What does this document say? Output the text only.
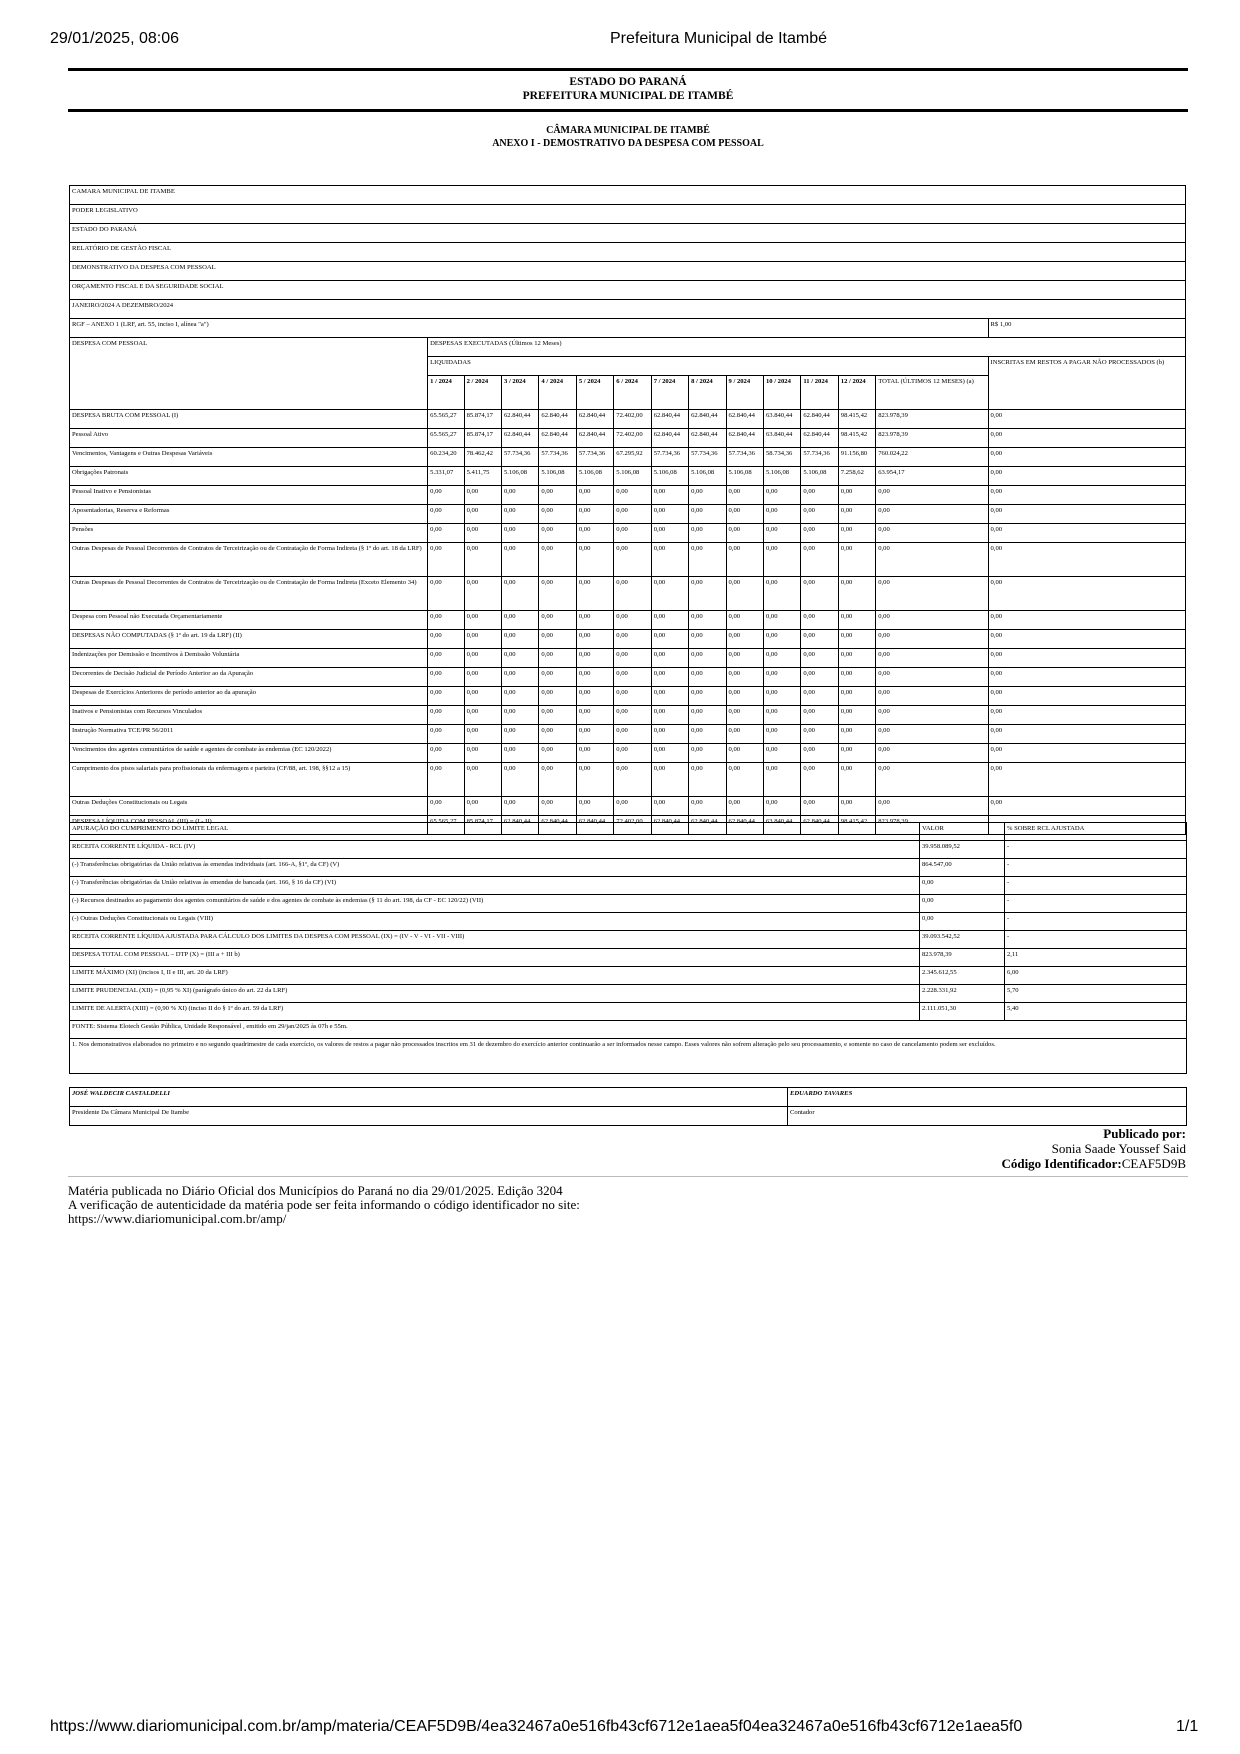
29/01/2025, 08:06	Prefeitura Municipal de Itambé
ESTADO DO PARANÁ
PREFEITURA MUNICIPAL DE ITAMBÉ
CÂMARA MUNICIPAL DE ITAMBÉ
ANEXO I - DEMOSTRATIVO DA DESPESA COM PESSOAL
CAMARA MUNICIPAL DE ITAMBE														
PODER LEGISLATIVO														
ESTADO DO PARANÁ														
RELATÓRIO DE GESTÃO FISCAL														
DEMONSTRATIVO DA DESPESA COM PESSOAL														
ORÇAMENTO FISCAL E DA SEGURIDADE SOCIAL														
JANEIRO/2024 A DEZEMBRO/2024														
RGF – ANEXO 1 (LRF, art. 55, inciso I, alínea "a")														R$ 1,00
DESPESA COM PESSOAL	DESPESAS EXECUTADAS (Últimos 12 Meses)													
	LIQUIDADAS													INSCRITAS EM RESTOS A PAGAR NÃO PROCESSADOS (b)
	1 / 2024	2 / 2024	3 / 2024	4 / 2024	5 / 2024	6 / 2024	7 / 2024	8 / 2024	9 / 2024	10 / 2024	11 / 2024	12 / 2024	TOTAL (ÚLTIMOS 12 MESES) (a)	
DESPESA BRUTA COM PESSOAL (I)	65.565,27	85.874,17	62.840,44	62.840,44	62.840,44	72.402,00	62.840,44	62.840,44	62.840,44	63.840,44	62.840,44	98.415,42	823.978,39	0,00
Pessoal Ativo	65.565,27	85.874,17	62.840,44	62.840,44	62.840,44	72.402,00	62.840,44	62.840,44	62.840,44	63.840,44	62.840,44	98.415,42	823.978,39	0,00
Vencimentos, Vantagens e Outras Despesas Variáveis	60.234,20	78.462,42	57.734,36	57.734,36	57.734,36	67.295,92	57.734,36	57.734,36	57.734,36	58.734,36	57.734,36	91.156,80	760.024,22	0,00
Obrigações Patronais	5.331,07	5.411,75	5.106,08	5.106,08	5.106,08	5.106,08	5.106,08	5.106,08	5.106,08	5.106,08	5.106,08	7.258,62	63.954,17	0,00
Pessoal Inativo e Pensionistas	0,00	0,00	0,00	0,00	0,00	0,00	0,00	0,00	0,00	0,00	0,00	0,00	0,00	0,00
Aposentadorias, Reserva e Reformas	0,00	0,00	0,00	0,00	0,00	0,00	0,00	0,00	0,00	0,00	0,00	0,00	0,00	0,00
Pensões	0,00	0,00	0,00	0,00	0,00	0,00	0,00	0,00	0,00	0,00	0,00	0,00	0,00	0,00
Outras Despesas de Pessoal Decorrentes de Contratos de Terceirização ou de Contratação de Forma Indireta (§ 1º do art. 18 da LRF)	0,00	0,00	0,00	0,00	0,00	0,00	0,00	0,00	0,00	0,00	0,00	0,00	0,00	0,00
Outras Despesas de Pessoal Decorrentes de Contratos de Terceirização ou de Contratação de Forma Indireta (Exceto Elemento 34)	0,00	0,00	0,00	0,00	0,00	0,00	0,00	0,00	0,00	0,00	0,00	0,00	0,00	0,00
Despesa com Pessoal não Executada Orçamentariamente	0,00	0,00	0,00	0,00	0,00	0,00	0,00	0,00	0,00	0,00	0,00	0,00	0,00	0,00
DESPESAS NÃO COMPUTADAS (§ 1º do art. 19 da LRF) (II)	0,00	0,00	0,00	0,00	0,00	0,00	0,00	0,00	0,00	0,00	0,00	0,00	0,00	0,00
Indenizações por Demissão e Incentivos à Demissão Voluntária	0,00	0,00	0,00	0,00	0,00	0,00	0,00	0,00	0,00	0,00	0,00	0,00	0,00	0,00
Decorrentes de Decisão Judicial de Período Anterior ao da Apuração	0,00	0,00	0,00	0,00	0,00	0,00	0,00	0,00	0,00	0,00	0,00	0,00	0,00	0,00
Despesas de Exercícios Anteriores de período anterior ao da apuração	0,00	0,00	0,00	0,00	0,00	0,00	0,00	0,00	0,00	0,00	0,00	0,00	0,00	0,00
Inativos e Pensionistas com Recursos Vinculados	0,00	0,00	0,00	0,00	0,00	0,00	0,00	0,00	0,00	0,00	0,00	0,00	0,00	0,00
Instrução Normativa TCE/PR 56/2011	0,00	0,00	0,00	0,00	0,00	0,00	0,00	0,00	0,00	0,00	0,00	0,00	0,00	0,00
Vencimentos dos agentes comunitários de saúde e agentes de combate às endemias (EC 120/2022)	0,00	0,00	0,00	0,00	0,00	0,00	0,00	0,00	0,00	0,00	0,00	0,00	0,00	0,00
Cumprimento dos pisos salariais para profissionais da enfermagem e parteira (CF/88, art. 198, §§12 a 15)	0,00	0,00	0,00	0,00	0,00	0,00	0,00	0,00	0,00	0,00	0,00	0,00	0,00	0,00
Outras Deduções Constitucionais ou Legais	0,00	0,00	0,00	0,00	0,00	0,00	0,00	0,00	0,00	0,00	0,00	0,00	0,00	0,00
DESPESA LÍQUIDA COM PESSOAL (III) = (I - II)	65.565,27	85.874,17	62.840,44	62.840,44	62.840,44	72.402,00	62.840,44	62.840,44	62.840,44	63.840,44	62.840,44	98.415,42	823.978,39	
APURAÇÃO DO CUMPRIMENTO DO LIMITE LEGAL	VALOR	% SOBRE RCL AJUSTADA
RECEITA CORRENTE LÍQUIDA - RCL (IV)	39.958.089,52	-
(-) Transferências obrigatórias da União relativas às emendas individuais (art. 166-A, §1º, da CF) (V)	864.547,00	-
(-) Transferências obrigatórias da União relativas às emendas de bancada (art. 166, § 16 da CF) (VI)	0,00	-
(-) Recursos destinados ao pagamento dos agentes comunitários de saúde e dos agentes de combate às endemias (§ 11 do art. 198, da CF - EC 120/22) (VII)	0,00	-
(-) Outras Deduções Constitucionais ou Legais (VIII)	0,00	-
RECEITA CORRENTE LÍQUIDA AJUSTADA PARA CÁLCULO DOS LIMITES DA DESPESA COM PESSOAL (IX) = (IV - V - VI - VII - VIII)	39.093.542,52	-
DESPESA TOTAL COM PESSOAL – DTP (X) = (III a + III b)	823.978,39	2,11
LIMITE MÁXIMO (XI) (incisos I, II e III, art. 20 da LRF)	2.345.612,55	6,00
LIMITE PRUDENCIAL (XII) = (0,95 % XI) (parágrafo único do art. 22 da LRF)	2.228.331,92	5,70
LIMITE DE ALERTA (XIII) = (0,90 % XI) (inciso II do § 1º do art. 59 da LRF)	2.111.051,30	5,40
FONTE: Sistema Elotech Gestão Pública, Unidade Responsável , emitido em 29/jan/2025 às 07h e 55m.		
1. Nos demonstrativos elaborados no primeiro e no segundo quadrimestre de cada exercício, os valores de restos a pagar não processados inscritos em 31 de dezembro do exercício anterior continuarão a ser informados nesse campo. Esses valores não sofrem alteração pelo seu processamento, e somente no caso de cancelamento podem ser excluídos.		
JOSÉ WALDECIR CASTALDELLI	EDUARDO TAVARES
Presidente Da Câmara Municipal De Itambe	Contador
Publicado por:
Sonia Saade Youssef Said
Código Identificador:CEAF5D9B
Matéria publicada no Diário Oficial dos Municípios do Paraná no dia 29/01/2025. Edição 3204
A verificação de autenticidade da matéria pode ser feita informando o código identificador no site:
https://www.diariomunicipal.com.br/amp/
https://www.diariomunicipal.com.br/amp/materia/CEAF5D9B/4ea32467a0e516fb43cf6712e1aea5f04ea32467a0e516fb43cf6712e1aea5f0	1/1
